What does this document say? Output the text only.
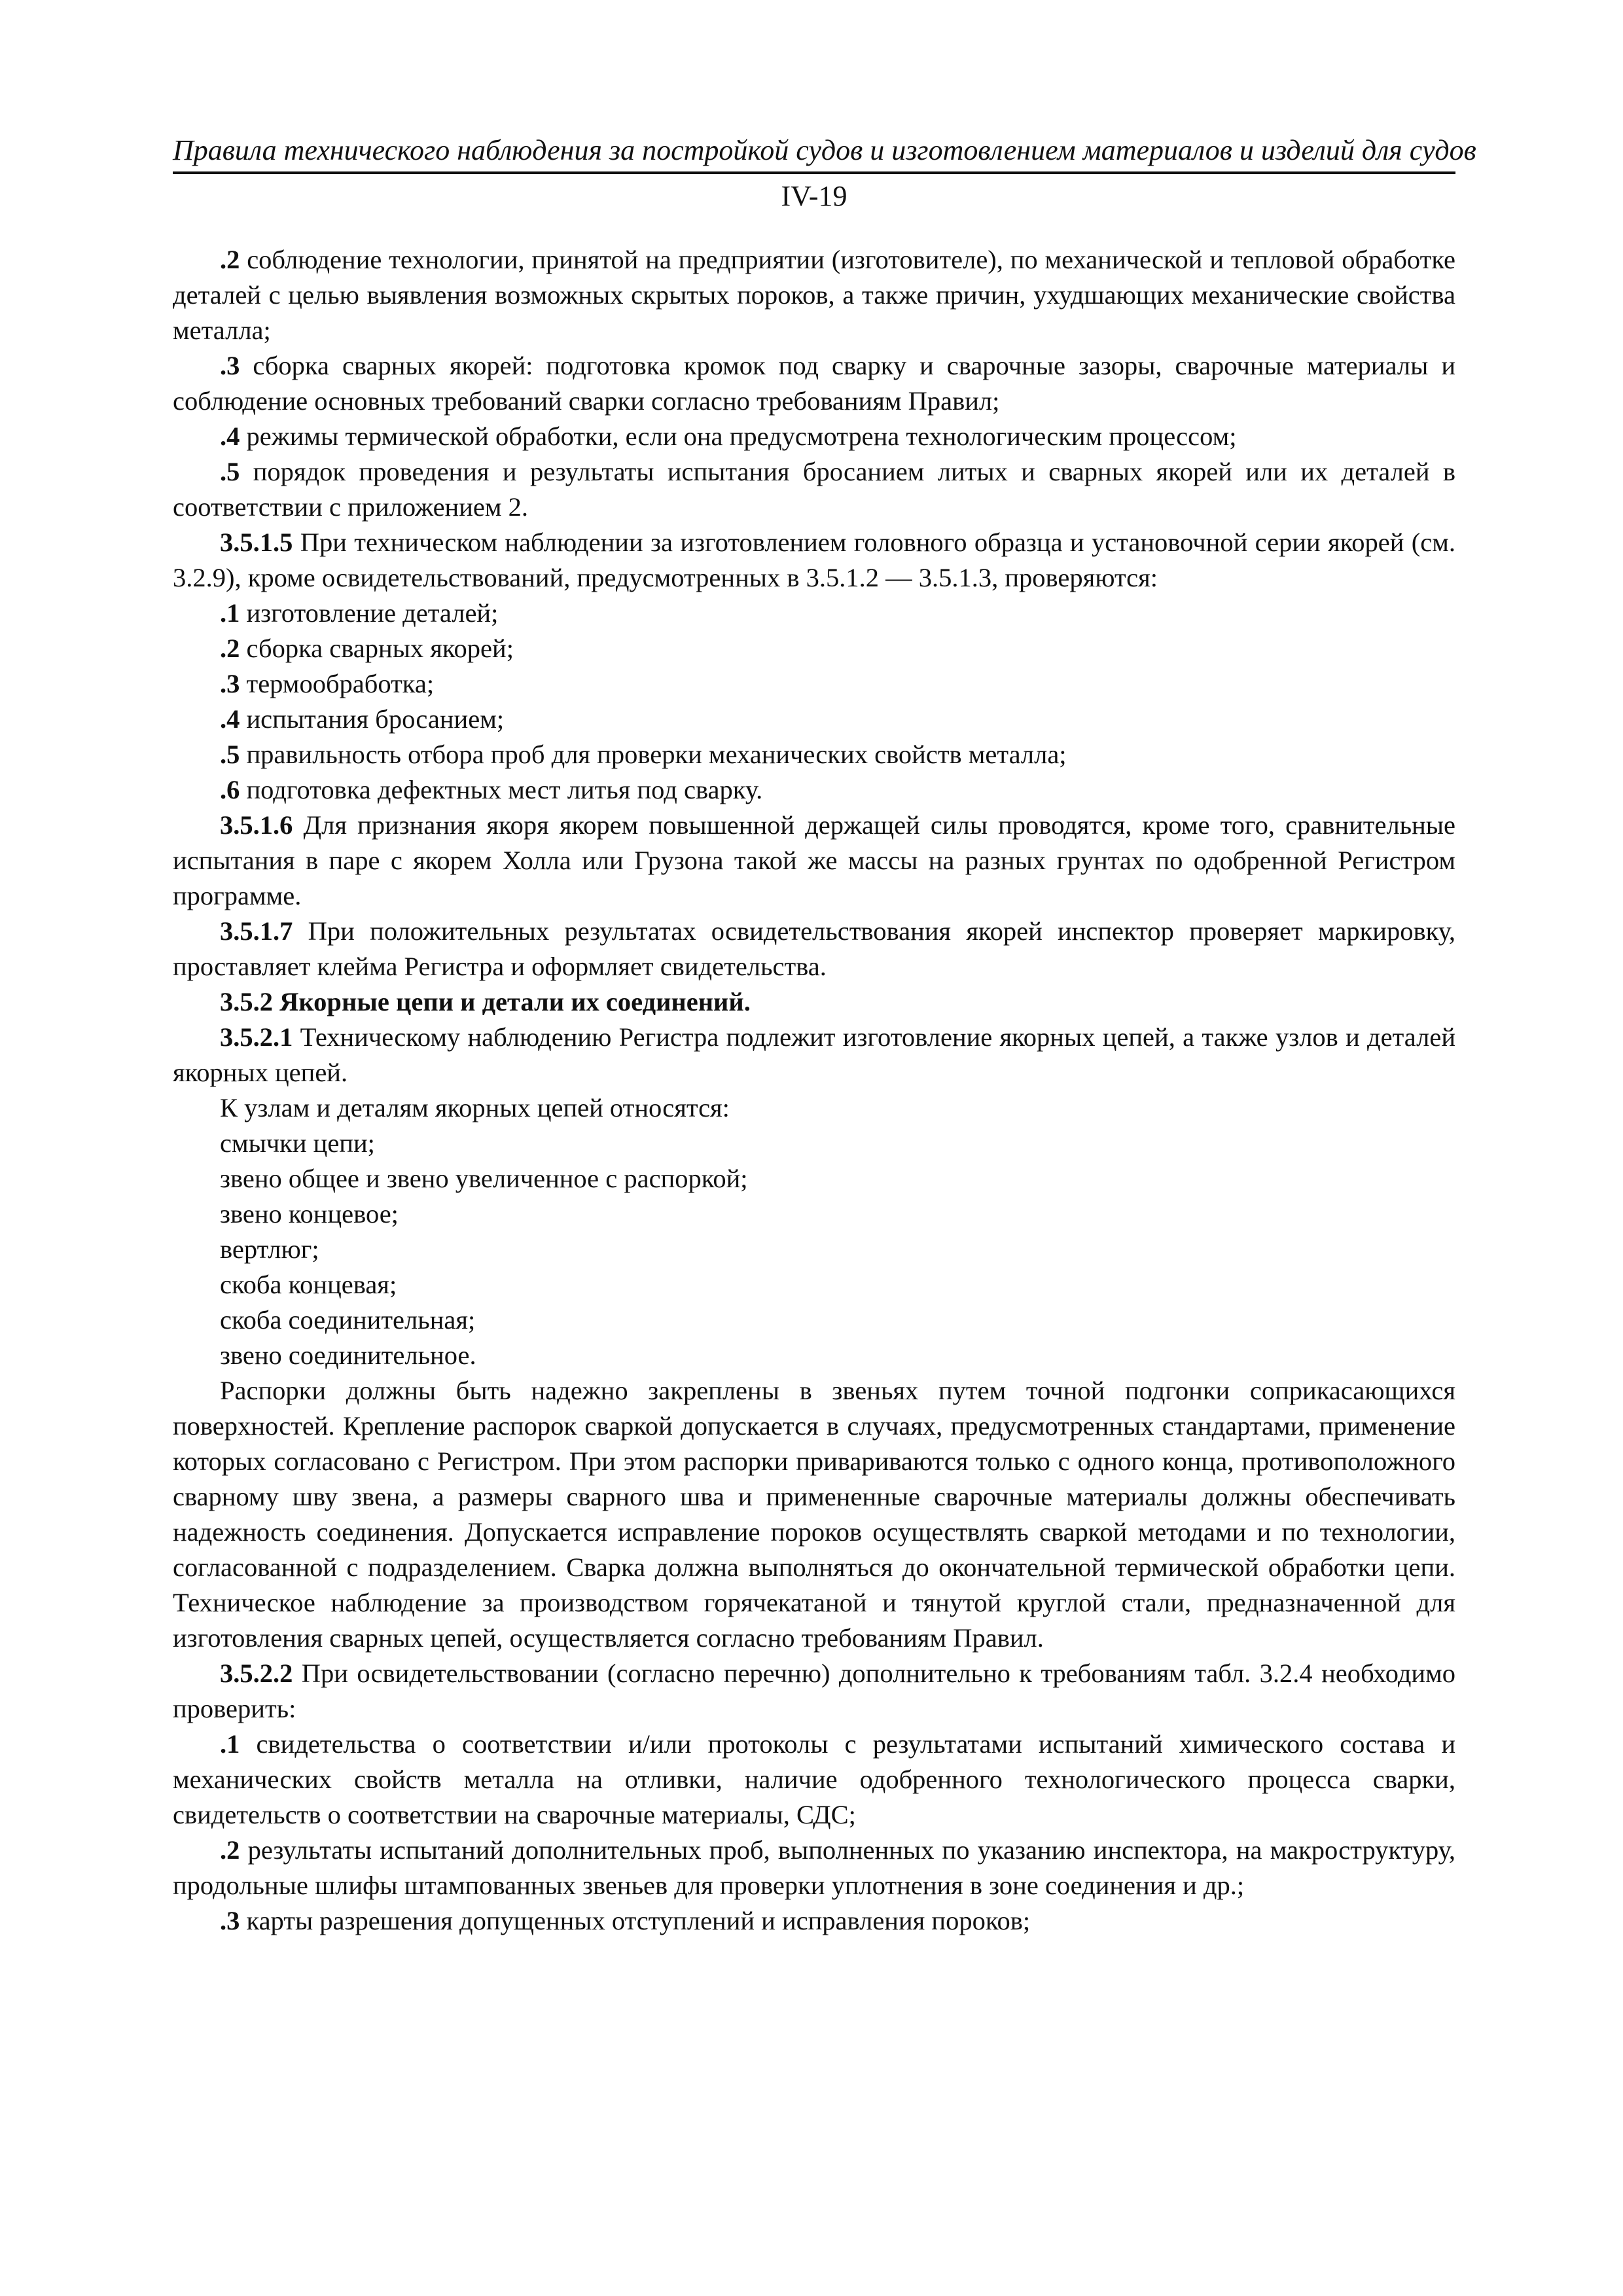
Правила технического наблюдения за постройкой судов и изготовлением материалов и изделий для судов
IV-19

.2 соблюдение технологии, принятой на предприятии (изготовителе), по механической и тепловой обработке деталей с целью выявления возможных скрытых пороков, а также причин, ухудшающих механические свойства металла;

.3 сборка сварных якорей: подготовка кромок под сварку и сварочные зазоры, сварочные материалы и соблюдение основных требований сварки согласно требованиям Правил;

.4 режимы термической обработки, если она предусмотрена технологическим процессом;

.5 порядок проведения и результаты испытания бросанием литых и сварных якорей или их деталей в соответствии с приложением 2.

3.5.1.5 При техническом наблюдении за изготовлением головного образца и установочной серии якорей (см. 3.2.9), кроме освидетельствований, предусмотренных в 3.5.1.2 — 3.5.1.3, проверяются:

.1 изготовление деталей;

.2 сборка сварных якорей;

.3 термообработка;

.4 испытания бросанием;

.5 правильность отбора проб для проверки механических свойств металла;

.6 подготовка дефектных мест литья под сварку.

3.5.1.6 Для признания якоря якорем повышенной держащей силы проводятся, кроме того, сравнительные испытания в паре с якорем Холла или Грузона такой же массы на разных грунтах по одобренной Регистром программе.

3.5.1.7 При положительных результатах освидетельствования якорей инспектор проверяет маркировку, проставляет клейма Регистра и оформляет свидетельства.

3.5.2 Якорные цепи и детали их соединений.

3.5.2.1 Техническому наблюдению Регистра подлежит изготовление якорных цепей, а также узлов и деталей якорных цепей.

К узлам и деталям якорных цепей относятся:

смычки цепи;

звено общее и звено увеличенное с распоркой;

звено концевое;

вертлюг;

скоба концевая;

скоба соединительная;

звено соединительное.

Распорки должны быть надежно закреплены в звеньях путем точной подгонки соприкасающихся поверхностей. Крепление распорок сваркой допускается в случаях, предусмотренных стандартами, применение которых согласовано с Регистром. При этом распорки привариваются только с одного конца, противоположного сварному шву звена, а размеры сварного шва и примененные сварочные материалы должны обеспечивать надежность соединения. Допускается исправление пороков осуществлять сваркой методами и по технологии, согласованной с подразделением. Сварка должна выполняться до окончательной термической обработки цепи. Техническое наблюдение за производством горячекатаной и тянутой круглой стали, предназначенной для изготовления сварных цепей, осуществляется согласно требованиям Правил.

3.5.2.2 При освидетельствовании (согласно перечню) дополнительно к требованиям табл. 3.2.4 необходимо проверить:

.1 свидетельства о соответствии и/или протоколы с результатами испытаний химического состава и механических свойств металла на отливки, наличие одобренного технологического процесса сварки, свидетельств о соответствии на сварочные материалы, СДС;

.2 результаты испытаний дополнительных проб, выполненных по указанию инспектора, на макроструктуру, продольные шлифы штампованных звеньев для проверки уплотнения в зоне соединения и др.;

.3 карты разрешения допущенных отступлений и исправления пороков;
